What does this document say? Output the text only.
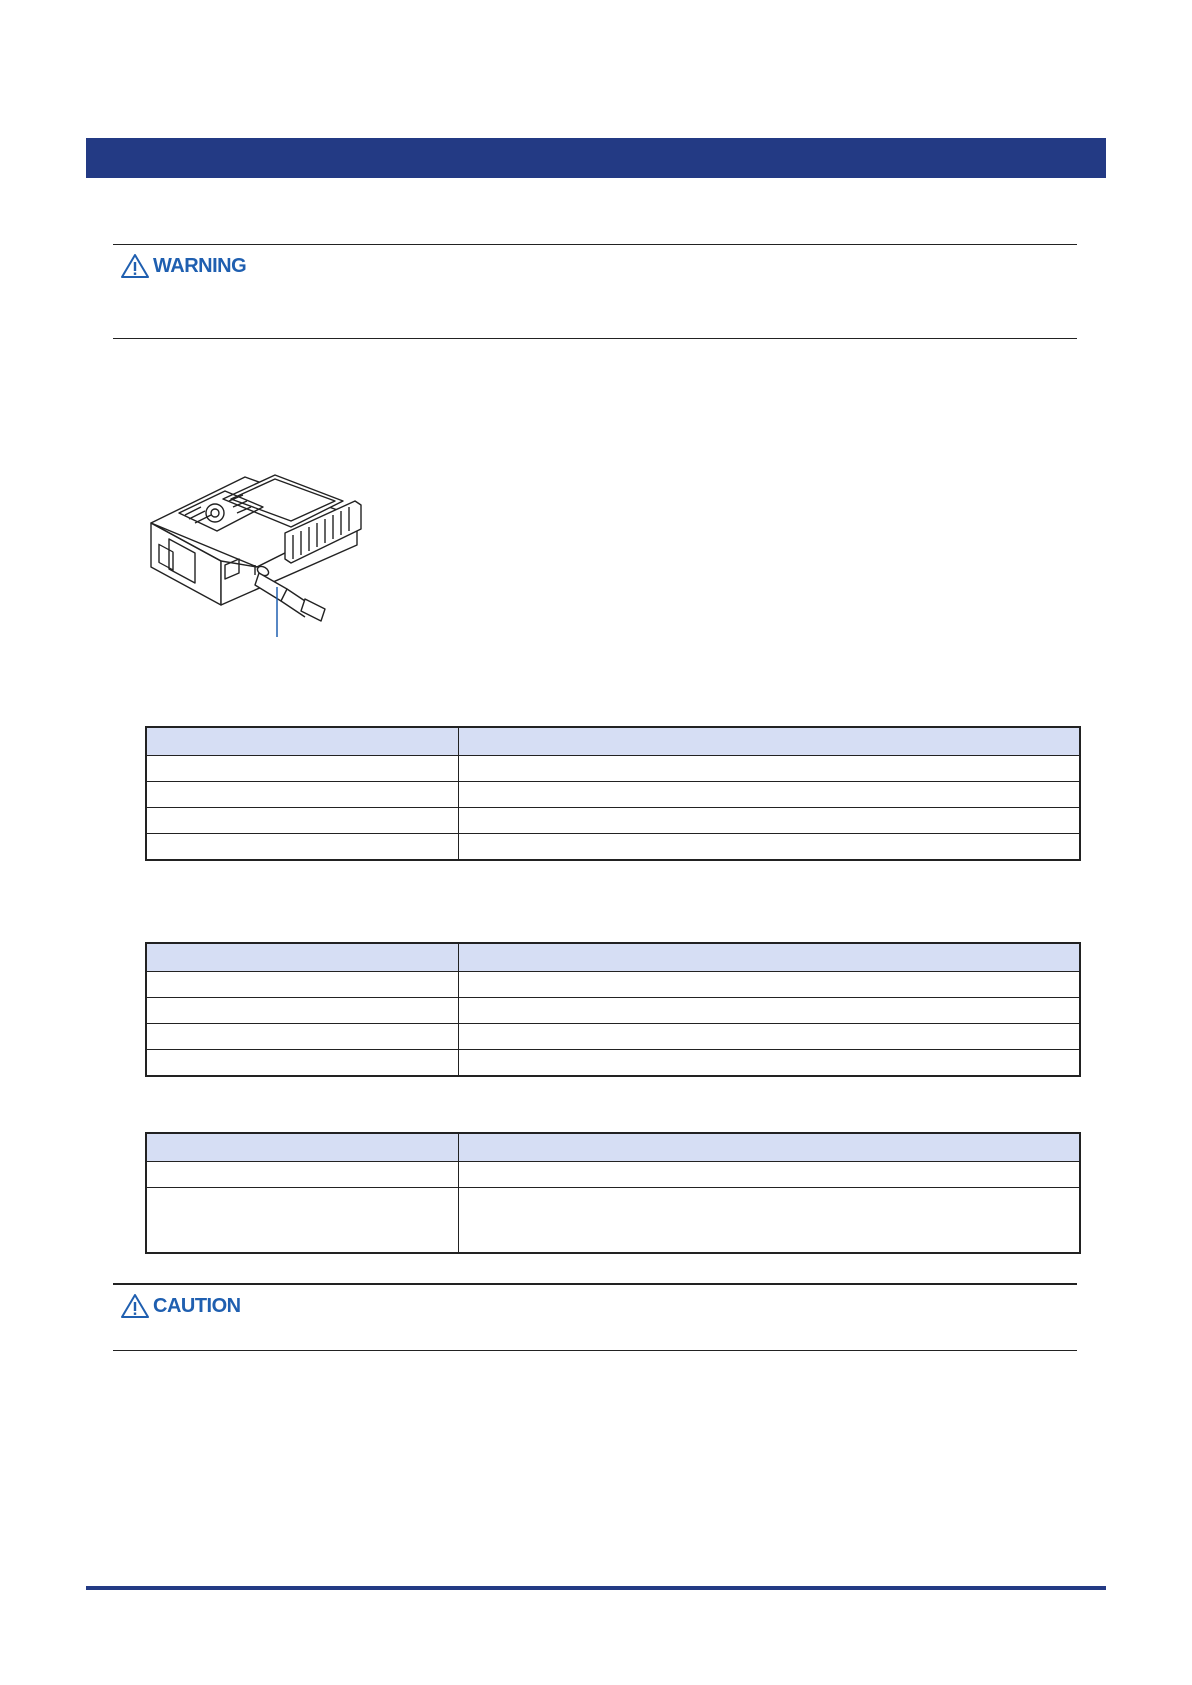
WARNING

CAUTION
